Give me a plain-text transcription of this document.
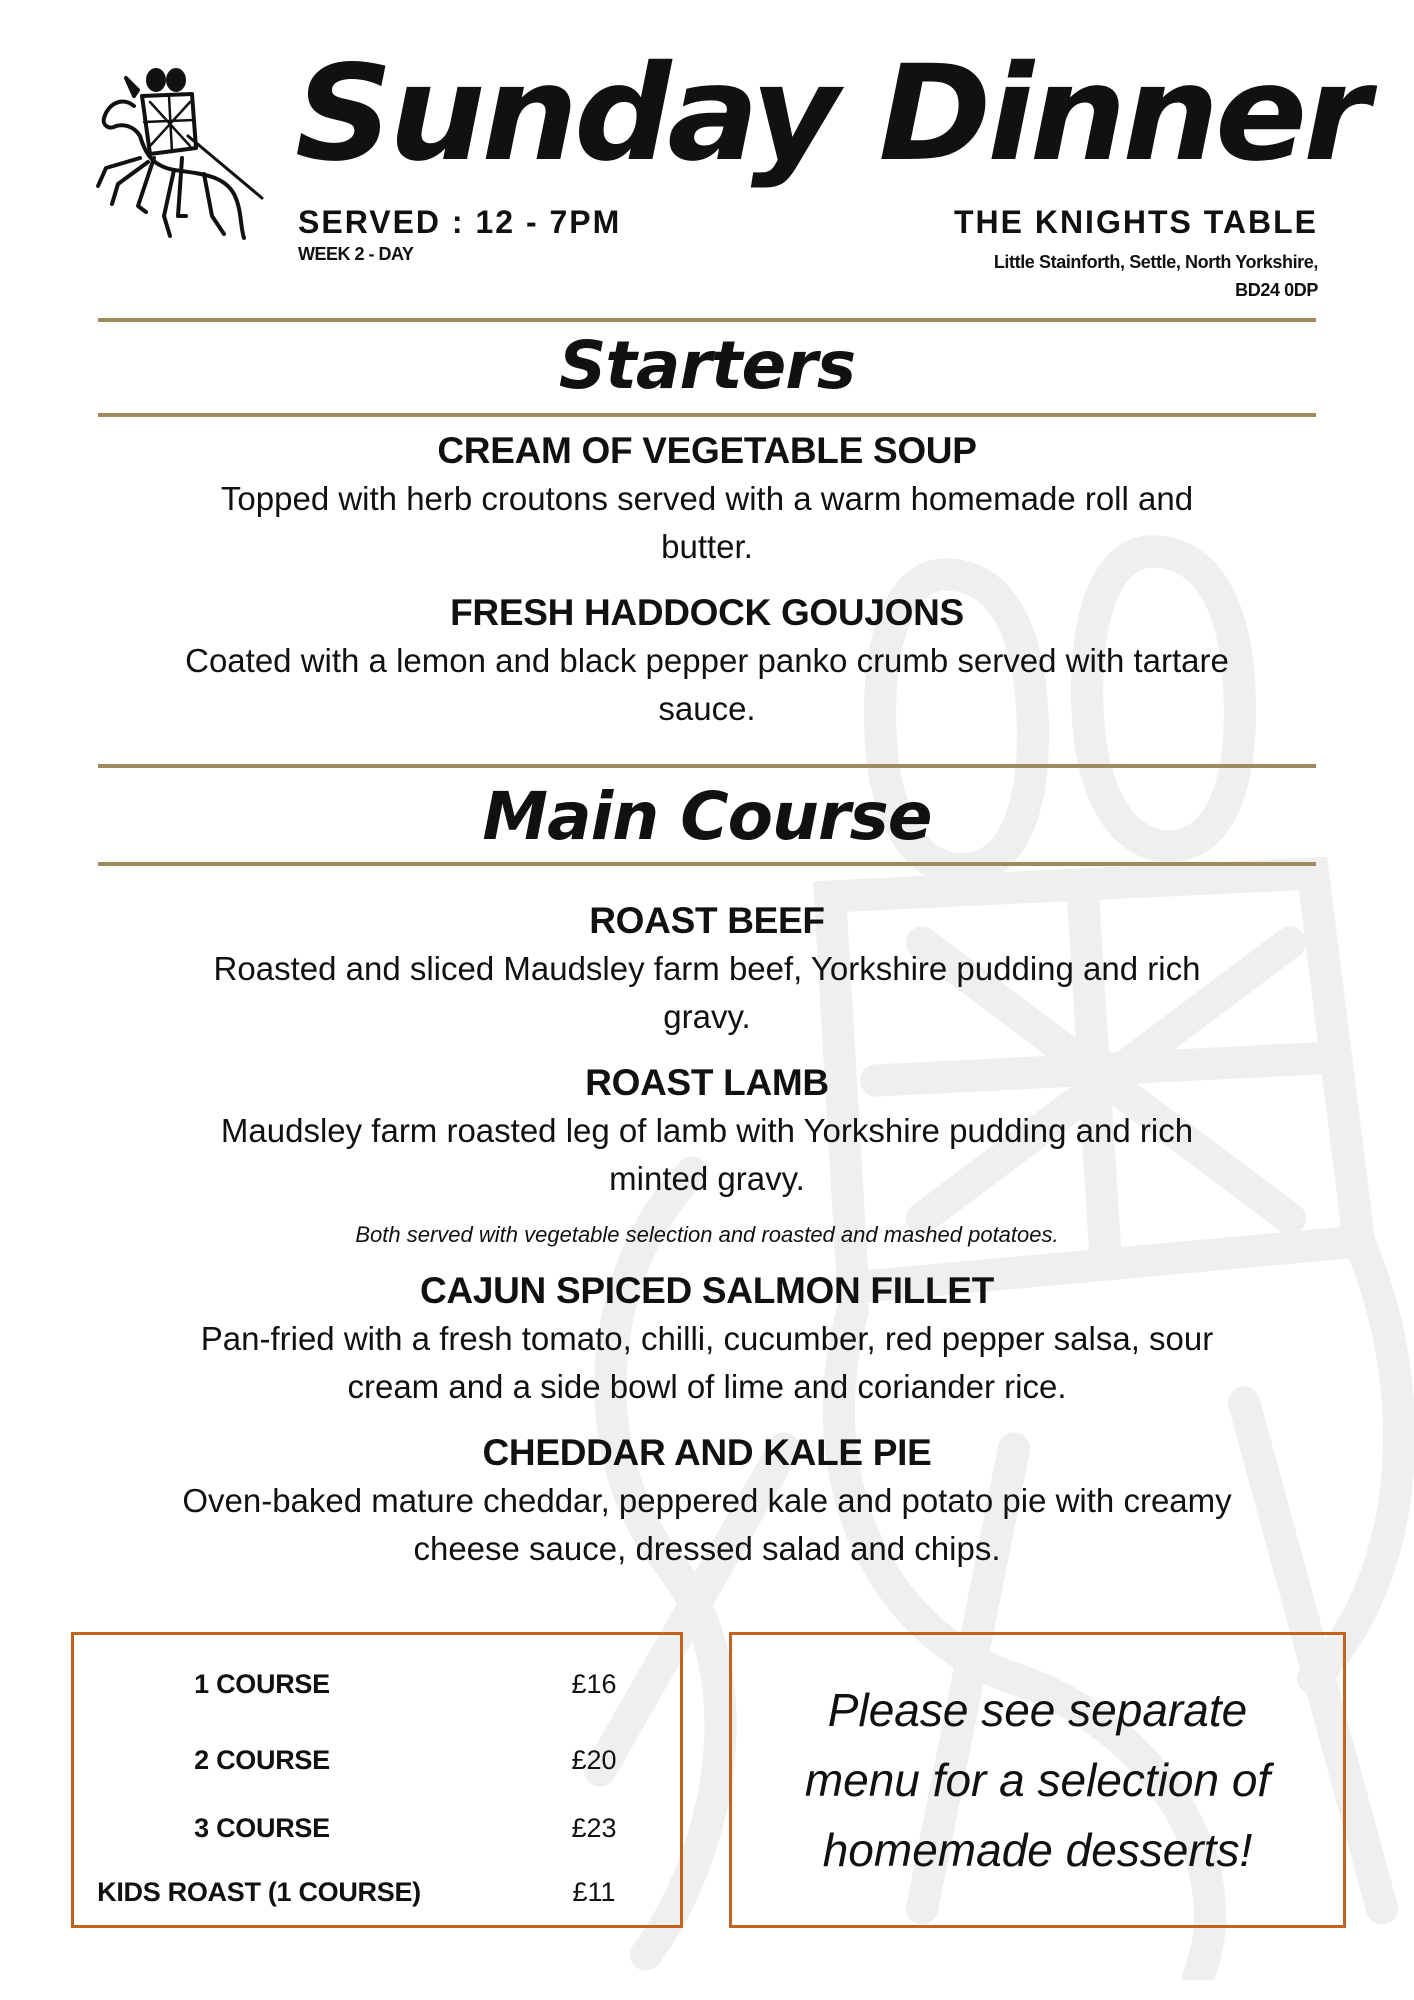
Sunday Dinner
SERVED : 12 - 7PM
WEEK 2 - DAY
THE KNIGHTS TABLE
Little Stainforth, Settle, North Yorkshire,
BD24 0DP
Starters
CREAM OF VEGETABLE SOUP
Topped with herb croutons served with a warm homemade roll and
butter.
FRESH HADDOCK GOUJONS
Coated with a lemon and black pepper panko crumb served with tartare
sauce.
Main Course
ROAST BEEF
Roasted and sliced Maudsley farm beef, Yorkshire pudding and rich
gravy.
ROAST LAMB
Maudsley farm roasted leg of lamb with Yorkshire pudding and rich
minted gravy.
Both served with vegetable selection and roasted and mashed potatoes.
CAJUN SPICED SALMON FILLET
Pan-fried with a fresh tomato, chilli, cucumber, red pepper salsa, sour
cream and a side bowl of lime and coriander rice.
CHEDDAR AND KALE PIE
Oven-baked mature cheddar, peppered kale and potato pie with creamy
cheese sauce, dressed salad and chips.
1 COURSE	£16
2 COURSE	£20
3 COURSE	£23
KIDS ROAST (1 COURSE)	£11
Please see separate
menu for a selection of
homemade desserts!
